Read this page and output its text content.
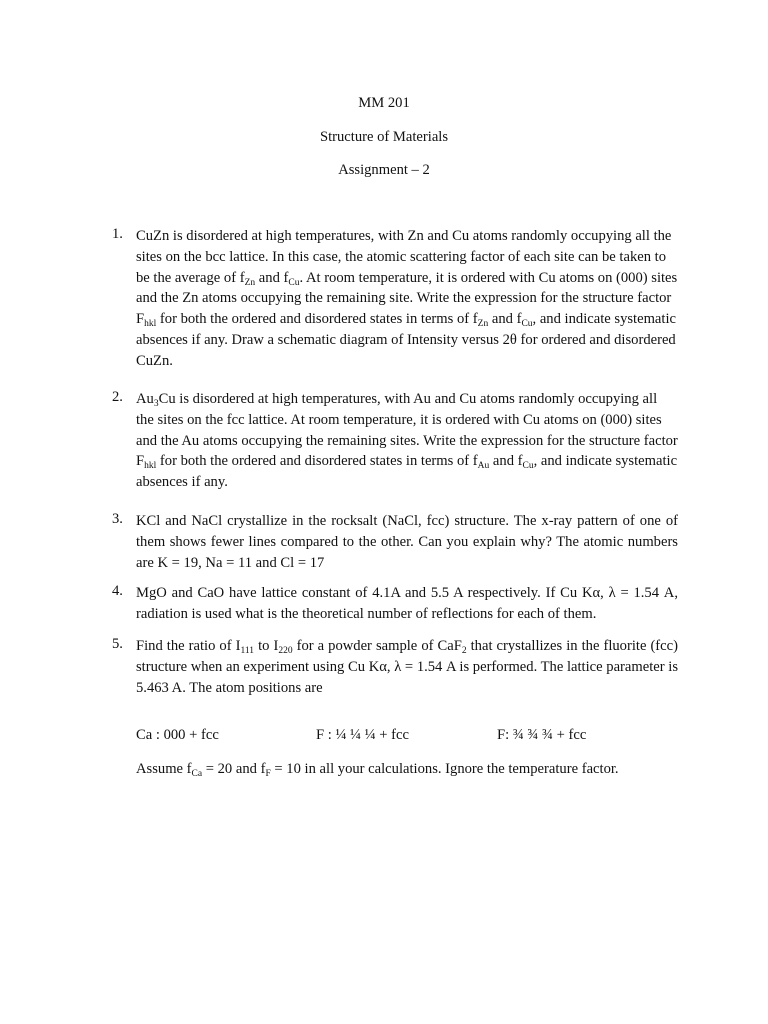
MM 201
Structure of Materials
Assignment – 2
1. CuZn is disordered at high temperatures, with Zn and Cu atoms randomly occupying all the sites on the bcc lattice. In this case, the atomic scattering factor of each site can be taken to be the average of $f_{Zn}$ and $f_{Cu}$. At room temperature, it is ordered with Cu atoms on (000) sites and the Zn atoms occupying the remaining site. Write the expression for the structure factor $F_{hkl}$ for both the ordered and disordered states in terms of $f_{Zn}$ and $f_{Cu}$, and indicate systematic absences if any. Draw a schematic diagram of Intensity versus 2θ for ordered and disordered CuZn.
2. $Au_3Cu$ is disordered at high temperatures, with Au and Cu atoms randomly occupying all the sites on the fcc lattice. At room temperature, it is ordered with Cu atoms on (000) sites and the Au atoms occupying the remaining sites. Write the expression for the structure factor $F_{hkl}$ for both the ordered and disordered states in terms of $f_{Au}$ and $f_{Cu}$, and indicate systematic absences if any.
3. KCl and NaCl crystallize in the rocksalt (NaCl, fcc) structure. The x-ray pattern of one of them shows fewer lines compared to the other. Can you explain why? The atomic numbers are K = 19, Na = 11 and Cl = 17
4. MgO and CaO have lattice constant of 4.1A and 5.5 A respectively. If Cu Kα, λ = 1.54 A, radiation is used what is the theoretical number of reflections for each of them.
5. Find the ratio of $I_{111}$ to $I_{220}$ for a powder sample of CaF$_2$ that crystallizes in the fluorite (fcc) structure when an experiment using Cu Kα, λ = 1.54 A is performed. The lattice parameter is 5.463 A. The atom positions are
Ca : 000 + fcc	F : ¼ ¼ ¼ + fcc	F: ¾ ¾ ¾ + fcc
Assume $f_{Ca} = 20$ and $f_F = 10$ in all your calculations. Ignore the temperature factor.
